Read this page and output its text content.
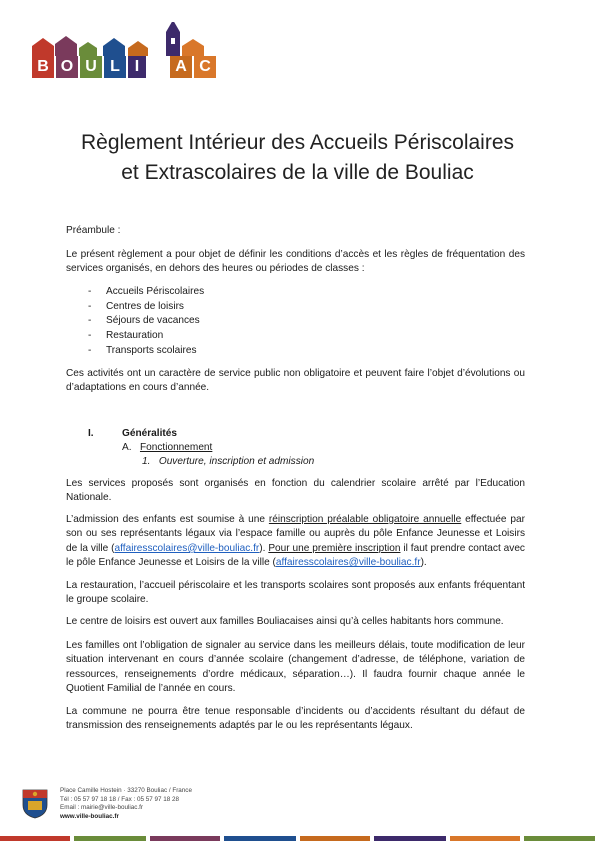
B O U L I	A C
Règlement Intérieur des Accueils Périscolaires
et Extrascolaires de la ville de Bouliac
Préambule :
Le présent règlement a pour objet de définir les conditions d’accès et les règles de fréquentation des services organisés, en dehors des heures ou périodes de classes :
- Accueils Périscolaires
- Centres de loisirs
- Séjours de vacances
- Restauration
- Transports scolaires
Ces activités ont un caractère de service public non obligatoire et peuvent faire l’objet d’évolutions ou d’adaptations en cours d’année.
I.	Généralités
A. Fonctionnement
1. Ouverture, inscription et admission
Les services proposés sont organisés en fonction du calendrier scolaire arrêté par l’Education Nationale.
L’admission des enfants est soumise à une réinscription préalable obligatoire annuelle effectuée par son ou ses représentants légaux via l’espace famille ou auprès du pôle Enfance Jeunesse et Loisirs de la ville (affairesscolaires@ville-bouliac.fr). Pour une première inscription il faut prendre contact avec le pôle Enfance Jeunesse et Loisirs de la ville (affairesscolaires@ville-bouliac.fr).
La restauration, l’accueil périscolaire et les transports scolaires sont proposés aux enfants fréquentant le groupe scolaire.
Le centre de loisirs est ouvert aux familles Bouliacaises ainsi qu’à celles habitants hors commune.
Les familles ont l’obligation de signaler au service dans les meilleurs délais, toute modification de leur situation intervenant en cours d’année scolaire (changement d’adresse, de téléphone, variation de ressources, renseignements d’ordre médicaux, séparation…). Il faudra fournir chaque année le Quotient Familial de l’année en cours.
La commune ne pourra être tenue responsable d’incidents ou d’accidents résultant du défaut de transmission des renseignements adaptés par le ou les représentants légaux.
Place Camille Hostein · 33270 Bouliac / France
Tél : 05 57 97 18 18 / Fax : 05 57 97 18 28
Email : mairie@ville-bouliac.fr
www.ville-bouliac.fr
